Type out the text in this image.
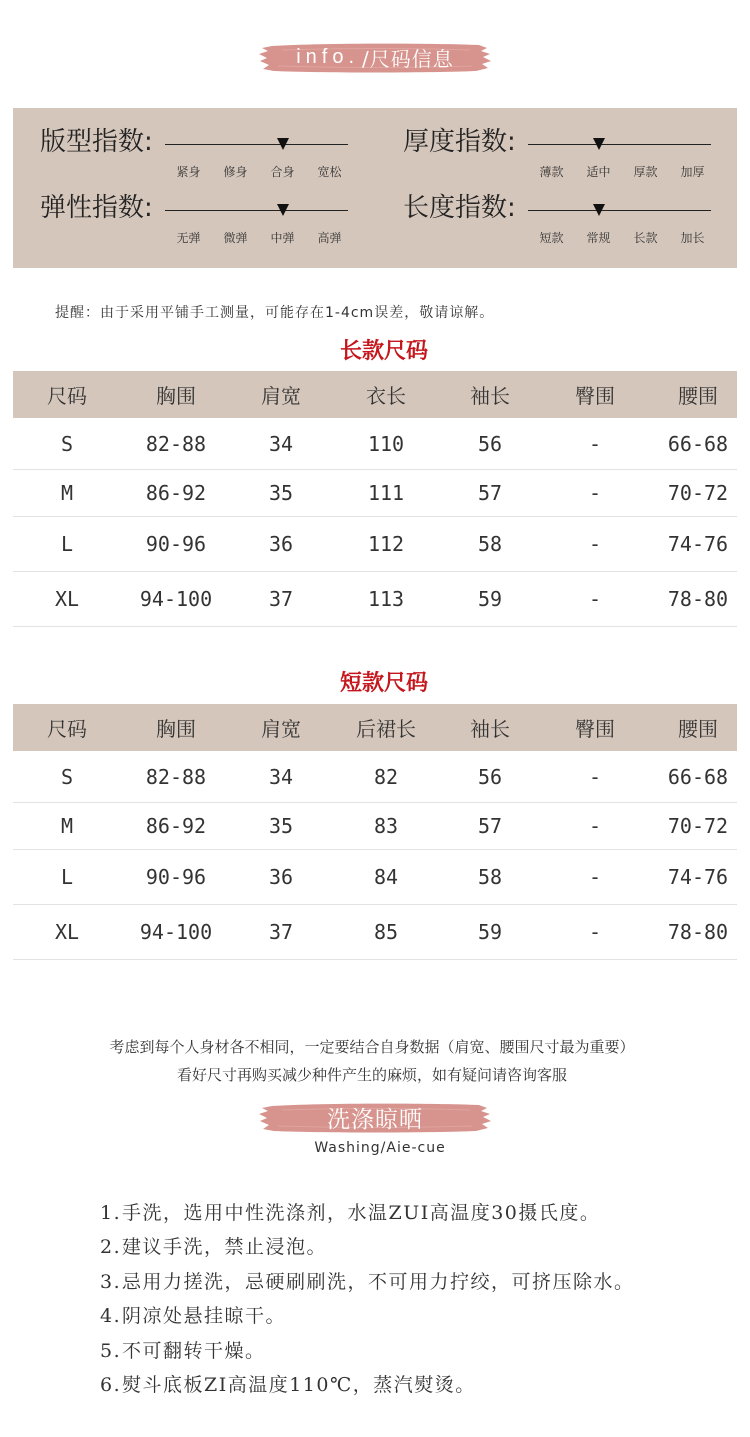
info. /尺码信息
版型指数:
紧身	修身	合身	宽松
厚度指数:
薄款	适中	厚款	加厚
弹性指数:
无弹	微弹	中弹	高弹
长度指数:
短款	常规	长款	加长
提醒：由于采用平铺手工测量，可能存在1-4cm误差，敬请谅解。
长款尺码
尺码	胸围	肩宽	衣长	袖长	臀围	腰围
S	82-88	34	110	56	-	66-68
M	86-92	35	111	57	-	70-72
L	90-96	36	112	58	-	74-76
XL	94-100	37	113	59	-	78-80
短款尺码
尺码	胸围	肩宽	后裙长	袖长	臀围	腰围
S	82-88	34	82	56	-	66-68
M	86-92	35	83	57	-	70-72
L	90-96	36	84	58	-	74-76
XL	94-100	37	85	59	-	78-80
考虑到每个人身材各不相同，一定要结合自身数据（肩宽、腰围尺寸最为重要）
看好尺寸再购买减少种件产生的麻烦，如有疑问请咨询客服
洗涤晾晒
Washing/Aie-cue
1.手洗，选用中性洗涤剂，水温ZUI高温度30摄氏度。
2.建议手洗，禁止浸泡。
3.忌用力搓洗，忌硬刷刷洗，不可用力拧绞，可挤压除水。
4.阴凉处悬挂晾干。
5.不可翻转干燥。
6.熨斗底板ZI高温度110℃，蒸汽熨烫。
